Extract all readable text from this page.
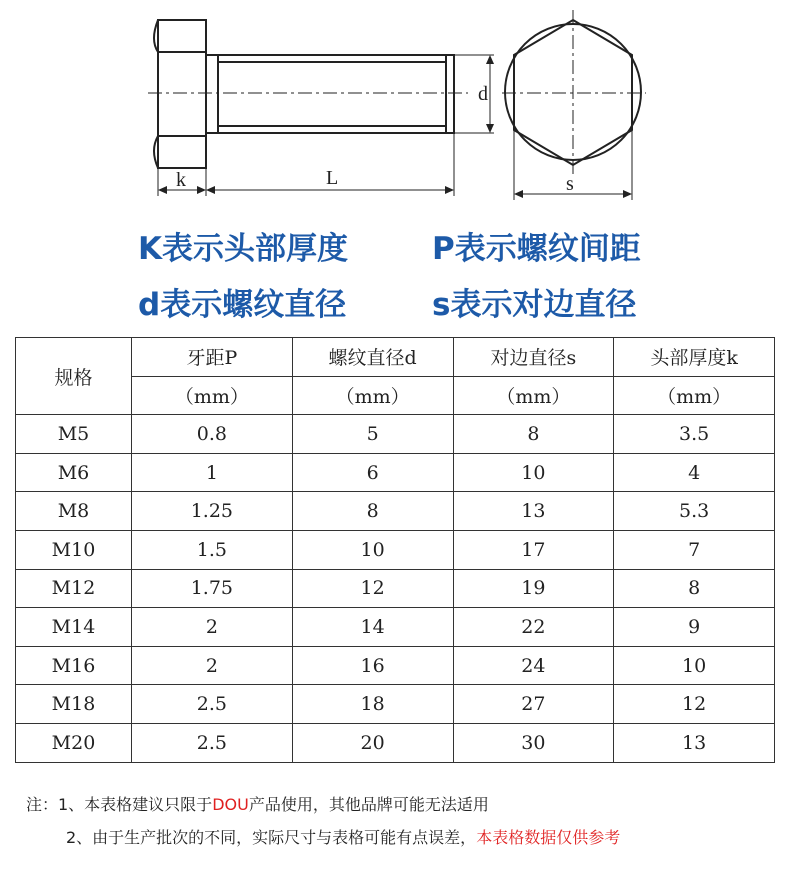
k	L
d
s
K表示头部厚度	P表示螺纹间距
d表示螺纹直径	s表示对边直径
规格	牙距P	螺纹直径d	对边直径s	头部厚度k
	（mm）	（mm）	（mm）	（mm）
M5	0.8	5	8	3.5
M6	1	6	10	4
M8	1.25	8	13	5.3
M10	1.5	10	17	7
M12	1.75	12	19	8
M14	2	14	22	9
M16	2	16	24	10
M18	2.5	18	27	12
M20	2.5	20	30	13
注：1、本表格建议只限于DOU产品使用，其他品牌可能无法适用
2、由于生产批次的不同，实际尺寸与表格可能有点误差，本表格数据仅供参考
